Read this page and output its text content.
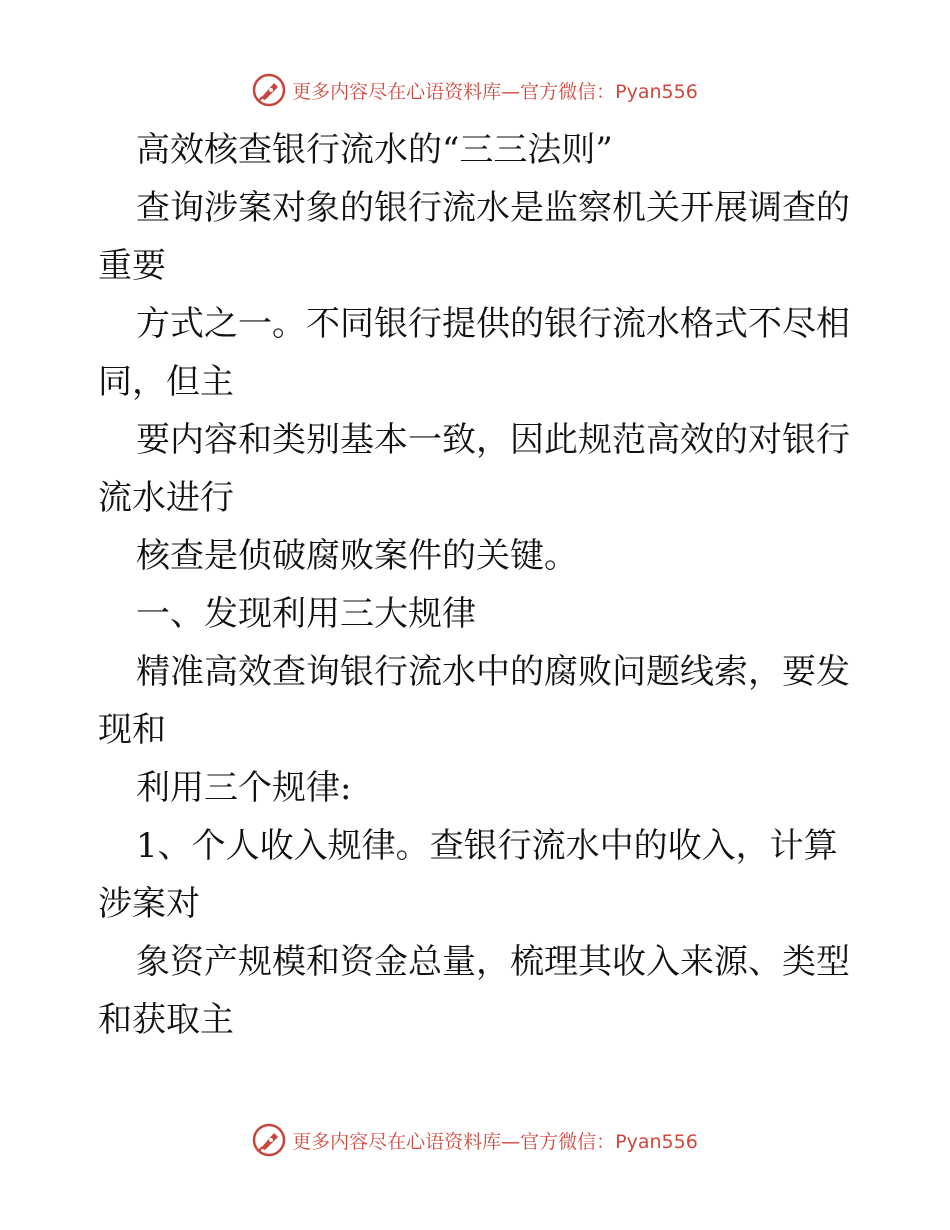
更多内容尽在心语资料库—官方微信：Pyan556
高效核查银行流水的“三三法则”
查询涉案对象的银行流水是监察机关开展调查的
重要
方式之一。不同银行提供的银行流水格式不尽相
同，但主
要内容和类别基本一致，因此规范高效的对银行
流水进行
核查是侦破腐败案件的关键。
一、发现利用三大规律
精准高效查询银行流水中的腐败问题线索，要发
现和
利用三个规律:
1、个人收入规律。查银行流水中的收入，计算
涉案对
象资产规模和资金总量，梳理其收入来源、类型
和获取主
更多内容尽在心语资料库—官方微信：Pyan556
